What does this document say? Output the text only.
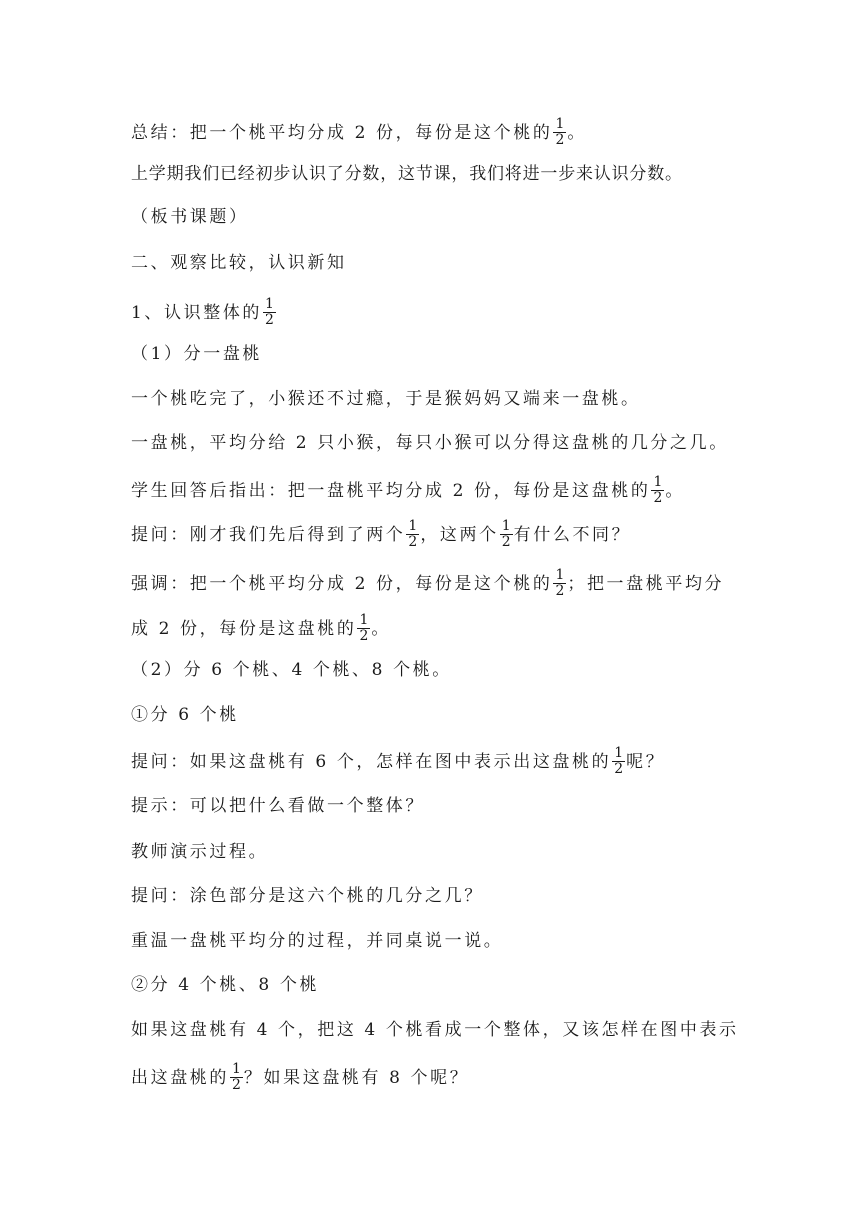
总结：把一个桃平均分成 2 份，每份是这个桃的 $\frac{1}{2}$ 。
上学期我们已经初步认识了分数，这节课，我们将进一步来认识分数。
（板书课题）
二、观察比较，认识新知
1、认识整体的 $\frac{1}{2}$
（1）分一盘桃
一个桃吃完了，小猴还不过瘾，于是猴妈妈又端来一盘桃。
一盘桃，平均分给 2 只小猴，每只小猴可以分得这盘桃的几分之几。
学生回答后指出：把一盘桃平均分成 2 份，每份是这盘桃的 $\frac{1}{2}$ 。
提问：刚才我们先后得到了两个 $\frac{1}{2}$ ，这两个 $\frac{1}{2}$ 有什么不同？
强调：把一个桃平均分成 2 份，每份是这个桃的 $\frac{1}{2}$ ；把一盘桃平均分
成 2 份，每份是这盘桃的 $\frac{1}{2}$ 。
（2）分 6 个桃、4 个桃、8 个桃。
①分 6 个桃
提问：如果这盘桃有 6 个，怎样在图中表示出这盘桃的 $\frac{1}{2}$ 呢？
提示：可以把什么看做一个整体？
教师演示过程。
提问：涂色部分是这六个桃的几分之几？
重温一盘桃平均分的过程，并同桌说一说。
②分 4 个桃、8 个桃
如果这盘桃有 4 个，把这 4 个桃看成一个整体，又该怎样在图中表示
出这盘桃的 $\frac{1}{2}$ ？如果这盘桃有 8 个呢？
